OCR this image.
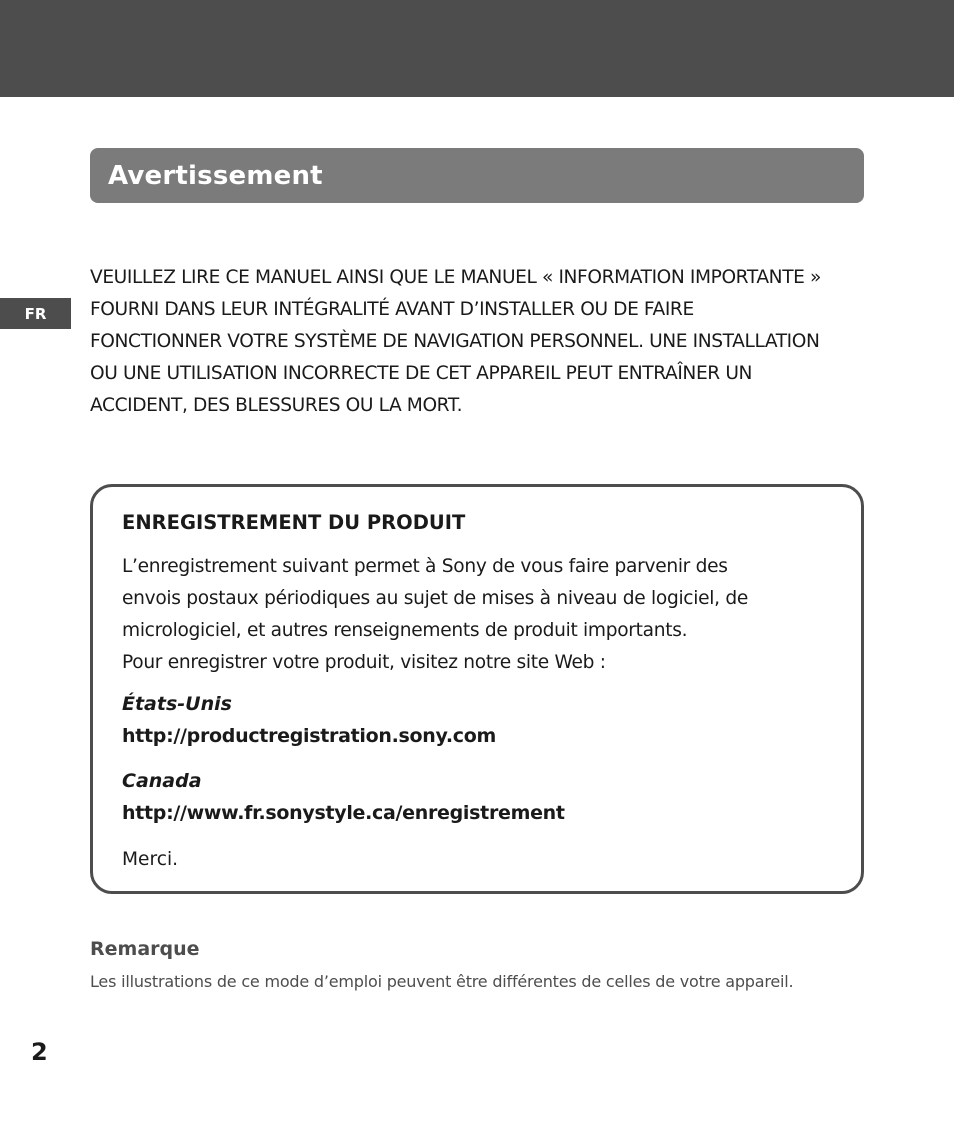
Avertissement
FR

VEUILLEZ LIRE CE MANUEL AINSI QUE LE MANUEL « INFORMATION IMPORTANTE »
FOURNI DANS LEUR INTÉGRALITÉ AVANT D’INSTALLER OU DE FAIRE
FONCTIONNER VOTRE SYSTÈME DE NAVIGATION PERSONNEL. UNE INSTALLATION
OU UNE UTILISATION INCORRECTE DE CET APPAREIL PEUT ENTRAÎNER UN
ACCIDENT, DES BLESSURES OU LA MORT.

ENREGISTREMENT DU PRODUIT

L’enregistrement suivant permet à Sony de vous faire parvenir des
envois postaux périodiques au sujet de mises à niveau de logiciel, de
micrologiciel, et autres renseignements de produit importants.
Pour enregistrer votre produit, visitez notre site Web :

États-Unis

http://productregistration.sony.com

Canada

http://www.fr.sonystyle.ca/enregistrement

Merci.

Remarque

Les illustrations de ce mode d’emploi peuvent être différentes de celles de votre appareil.

2
